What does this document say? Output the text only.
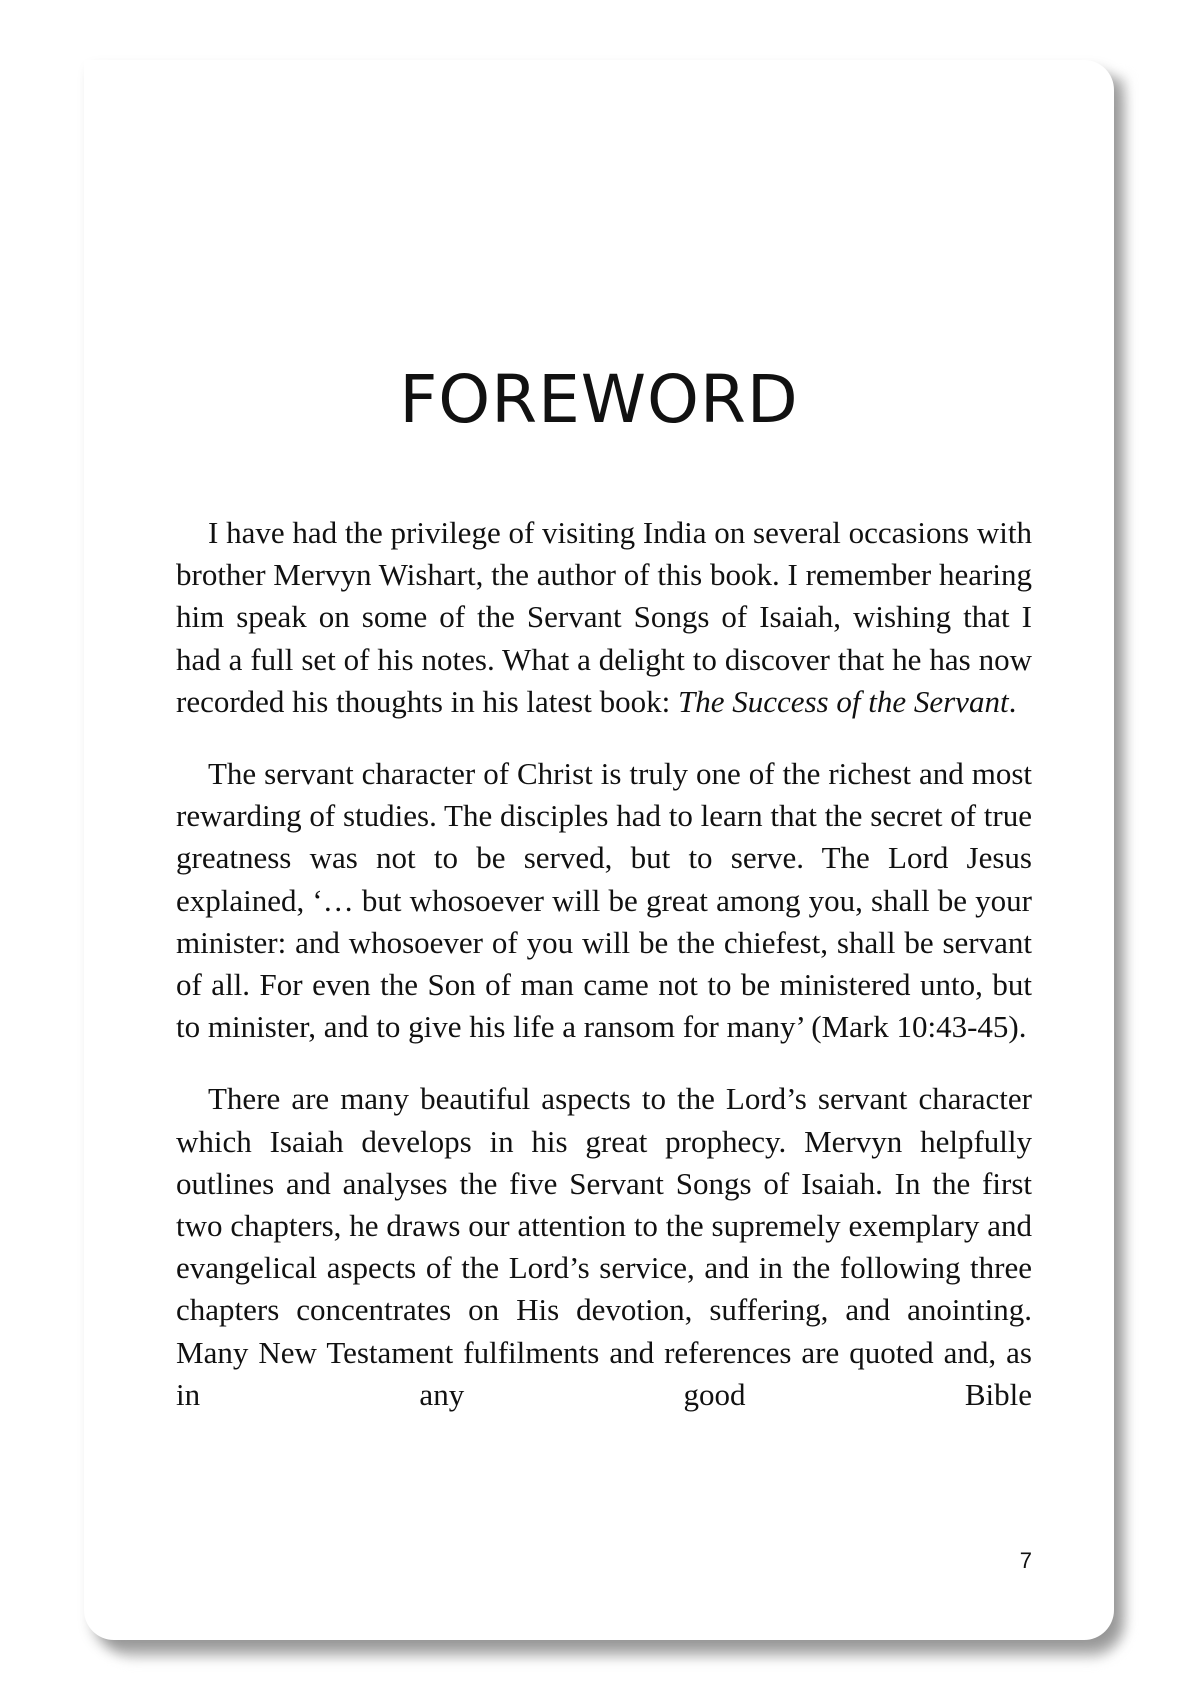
FOREWORD

I have had the privilege of visiting India on several occasions with brother Mervyn Wishart, the author of this book. I remember hearing him speak on some of the Servant Songs of Isaiah, wishing that I had a full set of his notes. What a delight to discover that he has now recorded his thoughts in his latest book: The Success of the Servant.

The servant character of Christ is truly one of the richest and most rewarding of studies. The disciples had to learn that the secret of true greatness was not to be served, but to serve. The Lord Jesus explained, ‘… but whosoever will be great among you, shall be your minister: and whosoever of you will be the chiefest, shall be servant of all. For even the Son of man came not to be ministered unto, but to minister, and to give his life a ransom for many’ (Mark 10:43-45).

There are many beautiful aspects to the Lord’s servant character which Isaiah develops in his great prophecy. Mervyn helpfully outlines and analyses the five Servant Songs of Isaiah. In the first two chapters, he draws our attention to the supremely exemplary and evangelical aspects of the Lord’s service, and in the following three chapters concentrates on His devotion, suffering, and anointing. Many New Testament fulfilments and references are quoted and, as in any good Bible

7
